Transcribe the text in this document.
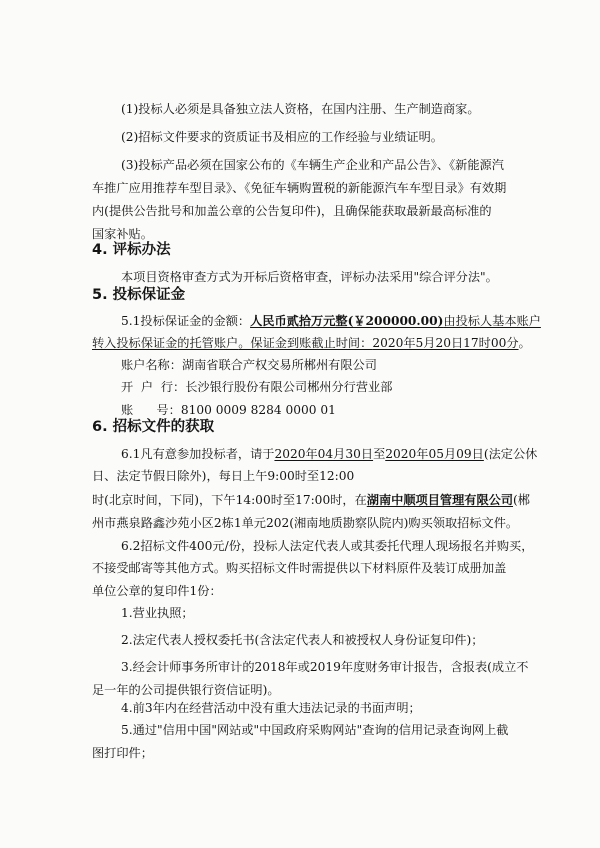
(1)投标人必须是具备独立法人资格，在国内注册、生产制造商家。
(2)招标文件要求的资质证书及相应的工作经验与业绩证明。
(3)投标产品必须在国家公布的《车辆生产企业和产品公告》、《新能源汽
车推广应用推荐车型目录》、《免征车辆购置税的新能源汽车车型目录》有效期
内(提供公告批号和加盖公章的公告复印件)，且确保能获取最新最高标准的
国家补贴。
4. 评标办法
本项目资格审查方式为开标后资格审查，评标办法采用"综合评分法"。
5. 投标保证金
5.1投标保证金的金额：人民币贰拾万元整(￥200000.00)由投标人基本账户
转入投标保证金的托管账户。保证金到账截止时间：2020年5月20日17时00分。
账户名称：湖南省联合产权交易所郴州有限公司
开  户  行：长沙银行股份有限公司郴州分行营业部
账      号：8100 0009 8284 0000 01
6. 招标文件的获取
6.1凡有意参加投标者，请于2020年04月30日至2020年05月09日(法定公休
日、法定节假日除外)，每日上午9:00时至12:00
时(北京时间，下同)，下午14:00时至17:00时，在湖南中顺项目管理有限公司(郴
州市燕泉路鑫沙苑小区2栋1单元202(湘南地质勘察队院内)购买领取招标文件。
6.2招标文件400元/份，投标人法定代表人或其委托代理人现场报名并购买，
不接受邮寄等其他方式。购买招标文件时需提供以下材料原件及装订成册加盖
单位公章的复印件1份：
1.营业执照；
2.法定代表人授权委托书(含法定代表人和被授权人身份证复印件)；
3.经会计师事务所审计的2018年或2019年度财务审计报告，含报表(成立不
足一年的公司提供银行资信证明)。
4.前3年内在经营活动中没有重大违法记录的书面声明；
5.通过"信用中国"网站或"中国政府采购网站"查询的信用记录查询网上截
图打印件；
